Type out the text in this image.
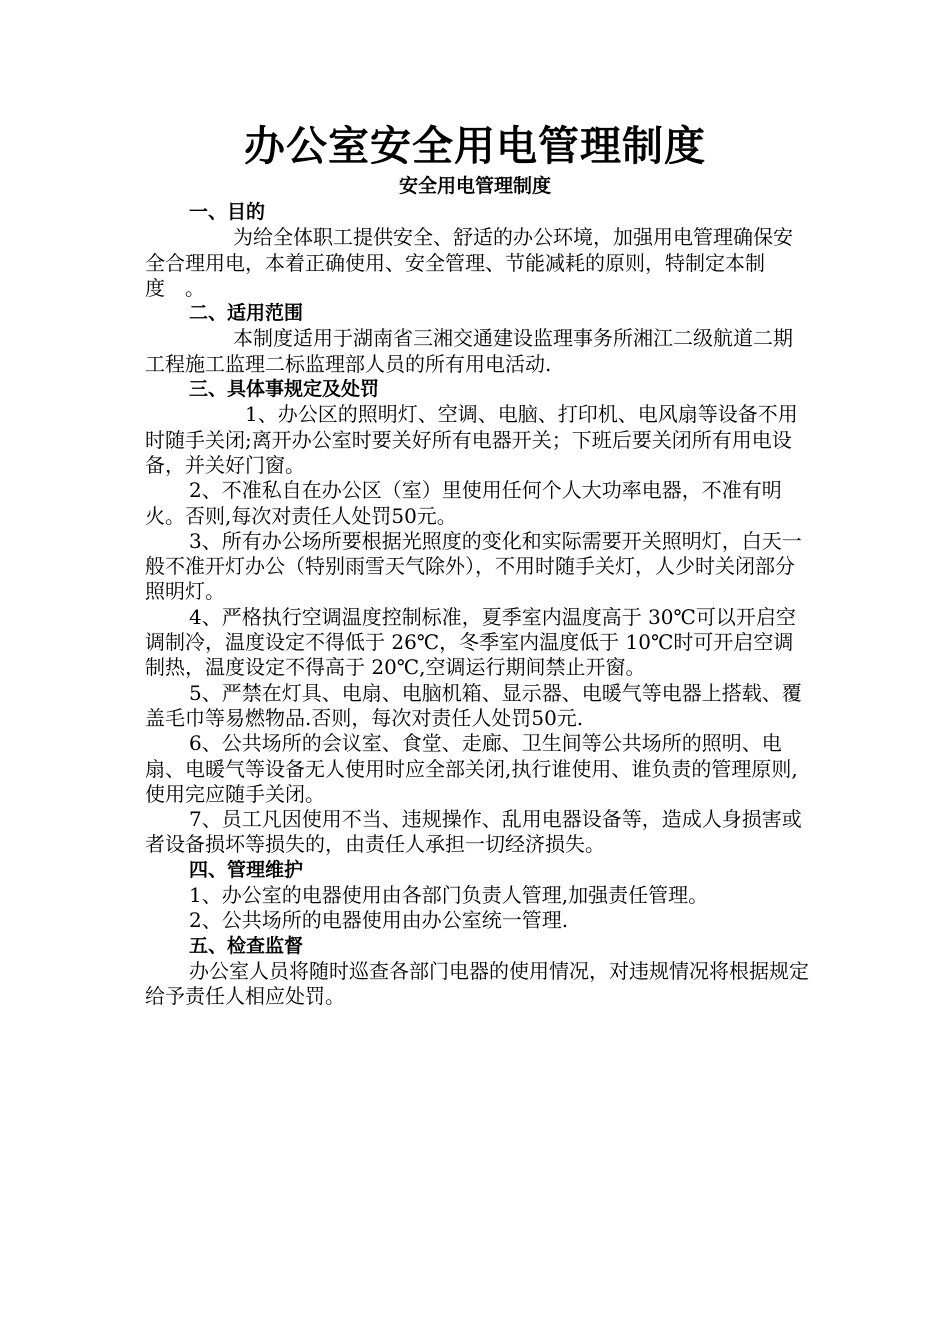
办公室安全用电管理制度
安全用电管理制度

一、目的

为给全体职工提供安全、舒适的办公环境，加强用电管理确保安全合理用电，本着正确使用、安全管理、节能减耗的原则，特制定本制度　。

二、适用范围

本制度适用于湖南省三湘交通建设监理事务所湘江二级航道二期工程施工监理二标监理部人员的所有用电活动.

三、具体事规定及处罚

1、办公区的照明灯、空调、电脑、打印机、电风扇等设备不用时随手关闭;离开办公室时要关好所有电器开关；下班后要关闭所有用电设备，并关好门窗。

2、不准私自在办公区（室）里使用任何个人大功率电器，不准有明火。否则,每次对责任人处罚50元。

3、所有办公场所要根据光照度的变化和实际需要开关照明灯，白天一般不准开灯办公（特别雨雪天气除外），不用时随手关灯，人少时关闭部分照明灯。

4、严格执行空调温度控制标准，夏季室内温度高于 30℃可以开启空调制冷，温度设定不得低于 26℃，冬季室内温度低于 10℃时可开启空调制热，温度设定不得高于 20℃,空调运行期间禁止开窗。

5、严禁在灯具、电扇、电脑机箱、显示器、电暖气等电器上搭载、覆盖毛巾等易燃物品.否则，每次对责任人处罚50元.

6、公共场所的会议室、食堂、走廊、卫生间等公共场所的照明、电扇、电暖气等设备无人使用时应全部关闭,执行谁使用、谁负责的管理原则,使用完应随手关闭。

7、员工凡因使用不当、违规操作、乱用电器设备等，造成人身损害或者设备损坏等损失的，由责任人承担一切经济损失。

四、管理维护

1、办公室的电器使用由各部门负责人管理,加强责任管理。

2、公共场所的电器使用由办公室统一管理.

五、检查监督

办公室人员将随时巡查各部门电器的使用情况，对违规情况将根据规定给予责任人相应处罚。
